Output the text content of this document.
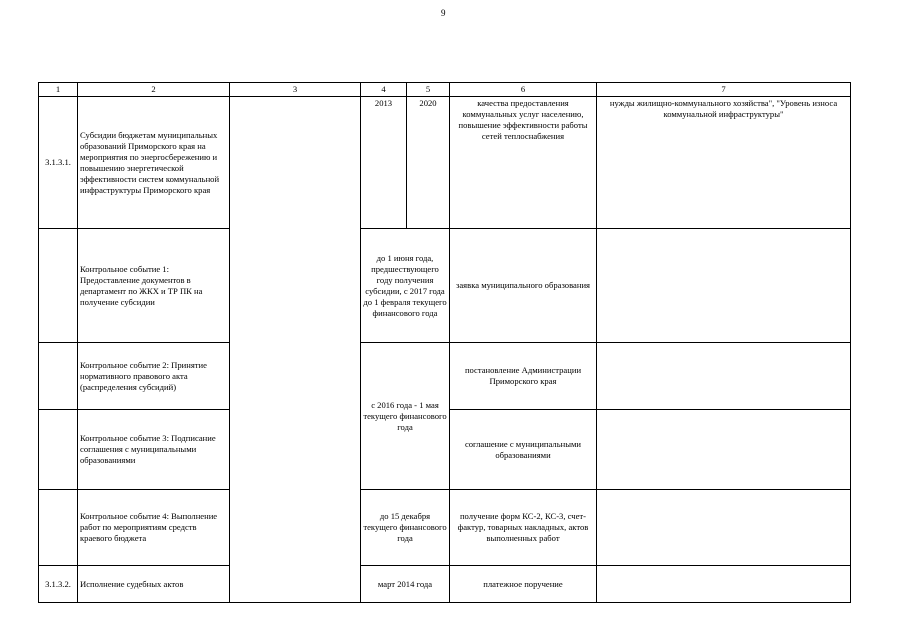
9
1	2	3	4	5	6	7
3.1.3.1.	Субсидии бюджетам муниципальных образований Приморского края на мероприятия по энергосбережению и повышению энергетической эффективности систем коммунальной инфраструктуры Приморского края		2013	2020	качества предоставления коммунальных услуг населению, повышение эффективности работы сетей теплоснабжения	нужды жилищно-коммунального хозяйства", "Уровень износа коммунальной инфраструктуры"
	Контрольное событие 1: Предоставление документов в департамент по ЖКХ и ТР ПК на получение субсидии		до 1 июня года, предшествующего году получения субсидии, с 2017 года до 1 февраля текущего финансового года		заявка муниципального образования	
	Контрольное событие 2: Принятие нормативного правового акта (распределения субсидий)		с 2016 года - 1 мая текущего финансового года		постановление Администрации Приморского края	
	Контрольное событие 3: Подписание соглашения с муниципальными образованиями				соглашение с муниципальными образованиями	
	Контрольное событие 4: Выполнение работ по мероприятиям средств краевого бюджета		до 15 декабря текущего финансового года		получение форм КС-2, КС-3, счет-фактур, товарных накладных, актов выполненных работ	
3.1.3.2.	Исполнение судебных актов		март 2014 года		платежное поручение	
